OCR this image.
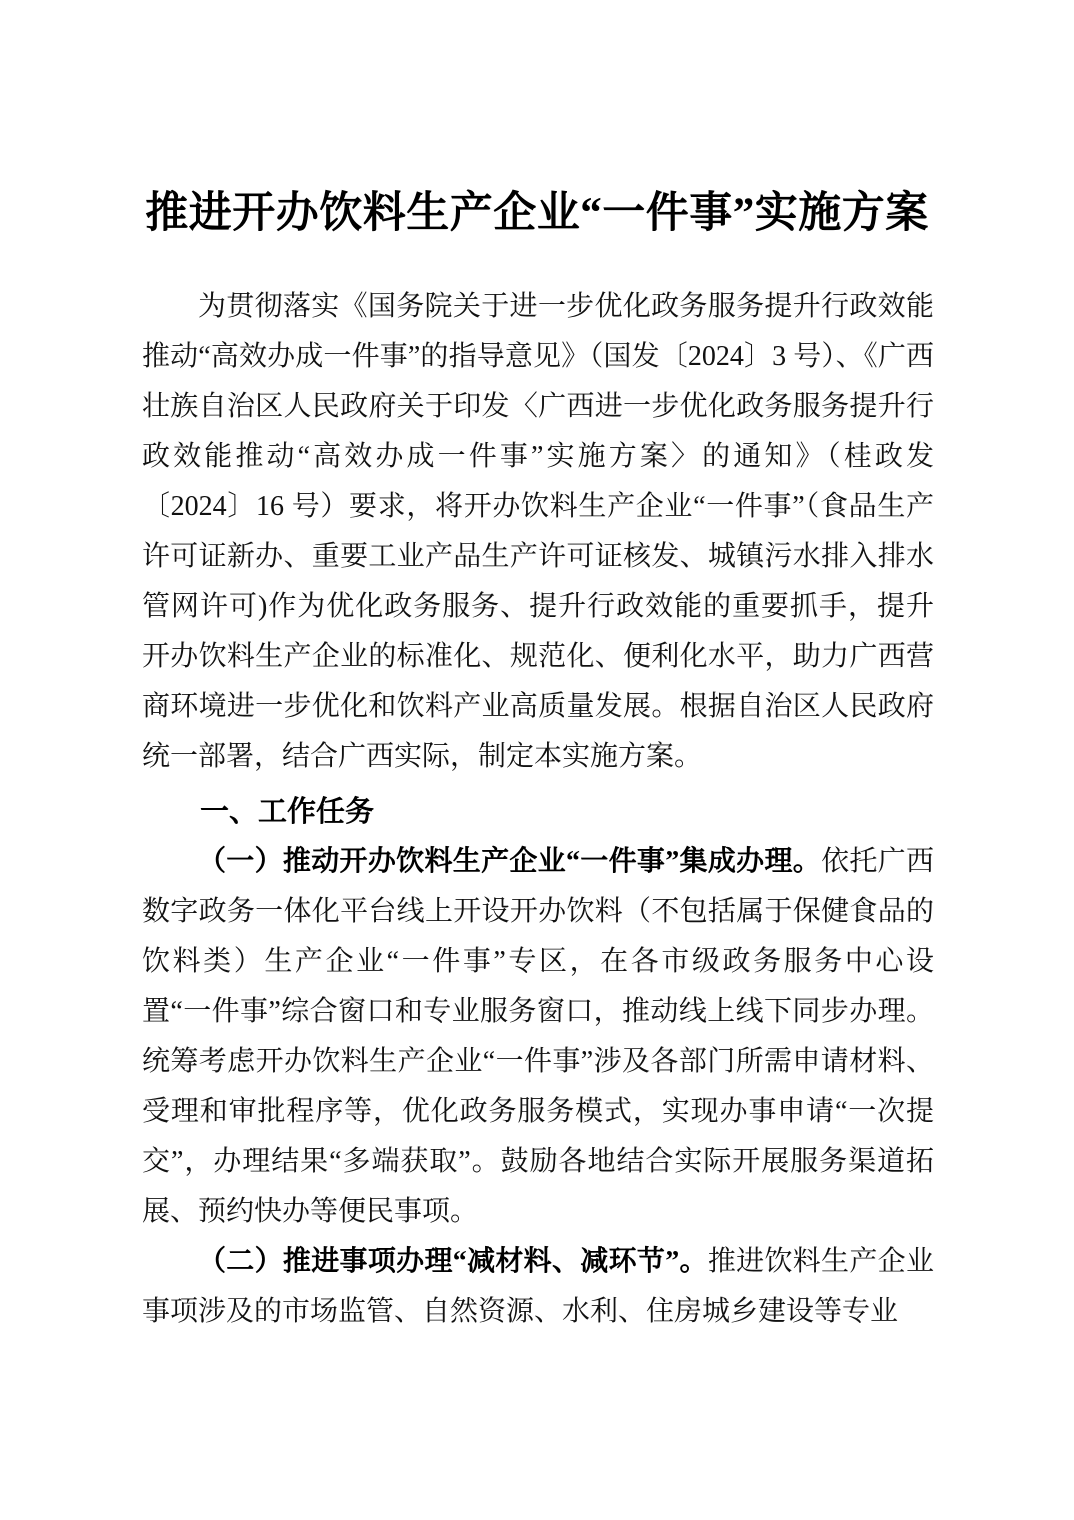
推进开办饮料生产企业“一件事”实施方案

为贯彻落实《国务院关于进一步优化政务服务提升行政效能推动“高效办成一件事”的指导意见》（国发〔2024〕3 号）、《广西壮族自治区人民政府关于印发〈广西进一步优化政务服务提升行政效能推动“高效办成一件事”实施方案〉的通知》（桂政发〔2024〕16 号）要求，将开办饮料生产企业“一件事”（食品生产许可证新办、重要工业产品生产许可证核发、城镇污水排入排水管网许可)作为优化政务服务、提升行政效能的重要抓手，提升开办饮料生产企业的标准化、规范化、便利化水平，助力广西营商环境进一步优化和饮料产业高质量发展。根据自治区人民政府统一部署，结合广西实际，制定本实施方案。

一、工作任务

（一）推动开办饮料生产企业“一件事”集成办理。依托广西数字政务一体化平台线上开设开办饮料（不包括属于保健食品的饮料类）生产企业“一件事”专区，在各市级政务服务中心设置“一件事”综合窗口和专业服务窗口，推动线上线下同步办理。统筹考虑开办饮料生产企业“一件事”涉及各部门所需申请材料、受理和审批程序等，优化政务服务模式，实现办事申请“一次提交”，办理结果“多端获取”。鼓励各地结合实际开展服务渠道拓展、预约快办等便民事项。

（二）推进事项办理“减材料、减环节”。推进饮料生产企业事项涉及的市场监管、自然资源、水利、住房城乡建设等专业
